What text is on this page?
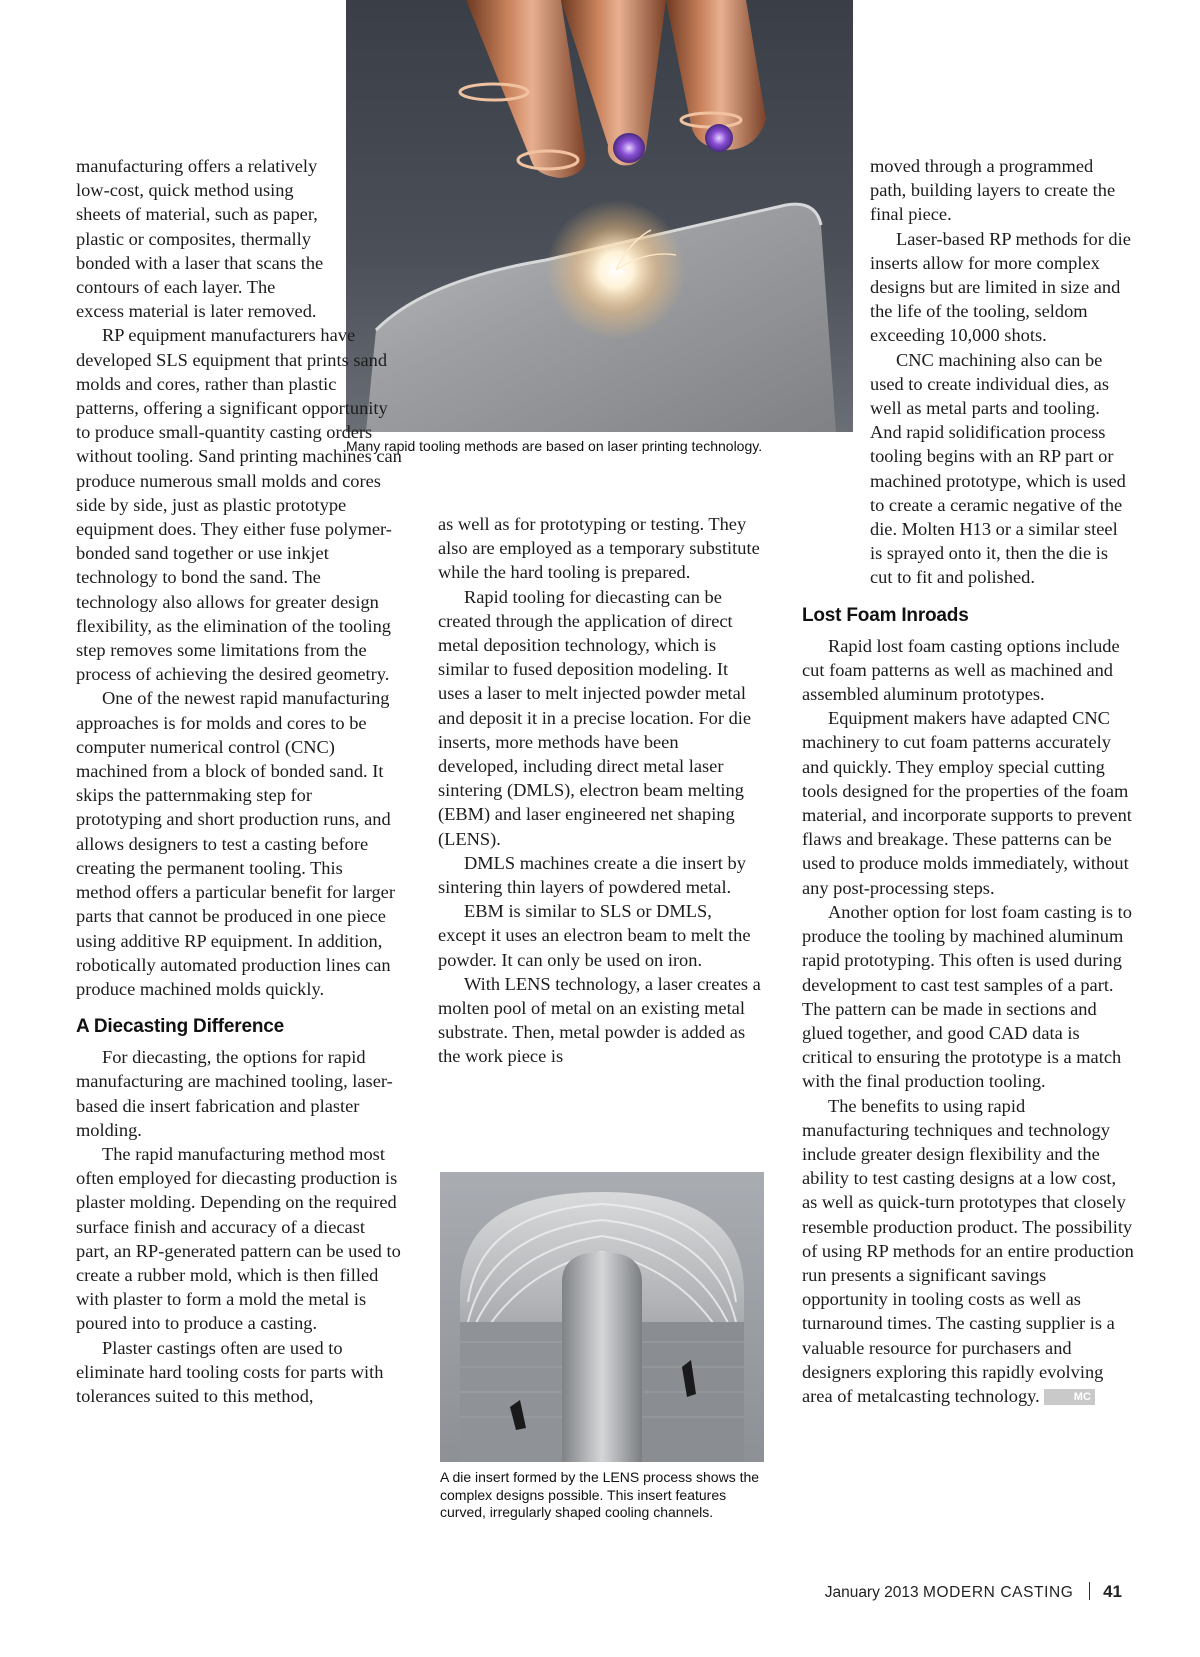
Many rapid tooling methods are based on laser printing technology.

manufacturing offers a relatively low-cost, quick method using sheets of material, such as paper, plastic or composites, thermally bonded with a laser that scans the contours of each layer. The excess material is later removed.

RP equipment manufacturers have developed SLS equipment that prints sand molds and cores, rather than plastic patterns, offering a significant opportunity to produce small-quantity casting orders without tooling. Sand printing machines can produce numerous small molds and cores side by side, just as plastic prototype equipment does. They either fuse polymer-bonded sand together or use inkjet technology to bond the sand. The technology also allows for greater design flexibility, as the elimination of the tooling step removes some limitations from the process of achieving the desired geometry.

One of the newest rapid manufacturing approaches is for molds and cores to be computer numerical control (CNC) machined from a block of bonded sand. It skips the patternmaking step for prototyping and short production runs, and allows designers to test a casting before creating the permanent tooling. This method offers a particular benefit for larger parts that cannot be produced in one piece using additive RP equipment. In addition, robotically automated production lines can produce machined molds quickly.

A Diecasting Difference

For diecasting, the options for rapid manufacturing are machined tooling, laser-based die insert fabrication and plaster molding.

The rapid manufacturing method most often employed for diecasting production is plaster molding. Depending on the required surface finish and accuracy of a diecast part, an RP-generated pattern can be used to create a rubber mold, which is then filled with plaster to form a mold the metal is poured into to produce a casting.

Plaster castings often are used to eliminate hard tooling costs for parts with tolerances suited to this method,

as well as for prototyping or testing. They also are employed as a temporary substitute while the hard tooling is prepared.

Rapid tooling for diecasting can be created through the application of direct metal deposition technology, which is similar to fused deposition modeling. It uses a laser to melt injected powder metal and deposit it in a precise location. For die inserts, more methods have been developed, including direct metal laser sintering (DMLS), electron beam melting (EBM) and laser engineered net shaping (LENS).

DMLS machines create a die insert by sintering thin layers of powdered metal.

EBM is similar to SLS or DMLS, except it uses an electron beam to melt the powder. It can only be used on iron.

With LENS technology, a laser creates a molten pool of metal on an existing metal substrate. Then, metal powder is added as the work piece is

A die insert formed by the LENS process shows the complex designs possible. This insert features curved, irregularly shaped cooling channels.

moved through a programmed path, building layers to create the final piece.

Laser-based RP methods for die inserts allow for more complex designs but are limited in size and the life of the tooling, seldom exceeding 10,000 shots.

CNC machining also can be used to create individual dies, as well as metal parts and tooling. And rapid solidification process tooling begins with an RP part or machined prototype, which is used to create a ceramic negative of the die. Molten H13 or a similar steel is sprayed onto it, then the die is cut to fit and polished.

Lost Foam Inroads

Rapid lost foam casting options include cut foam patterns as well as machined and assembled aluminum prototypes.

Equipment makers have adapted CNC machinery to cut foam patterns accurately and quickly. They employ special cutting tools designed for the properties of the foam material, and incorporate supports to prevent flaws and breakage. These patterns can be used to produce molds immediately, without any post-processing steps.

Another option for lost foam casting is to produce the tooling by machined aluminum rapid prototyping. This often is used during development to cast test samples of a part. The pattern can be made in sections and glued together, and good CAD data is critical to ensuring the prototype is a match with the final production tooling.

The benefits to using rapid manufacturing techniques and technology include greater design flexibility and the ability to test casting designs at a low cost, as well as quick-turn prototypes that closely resemble production product. The possibility of using RP methods for an entire production run presents a significant savings opportunity in tooling costs as well as turnaround times. The casting supplier is a valuable resource for purchasers and designers exploring this rapidly evolving area of metalcasting technology.	MC

January 2013 MODERN CASTING 41
